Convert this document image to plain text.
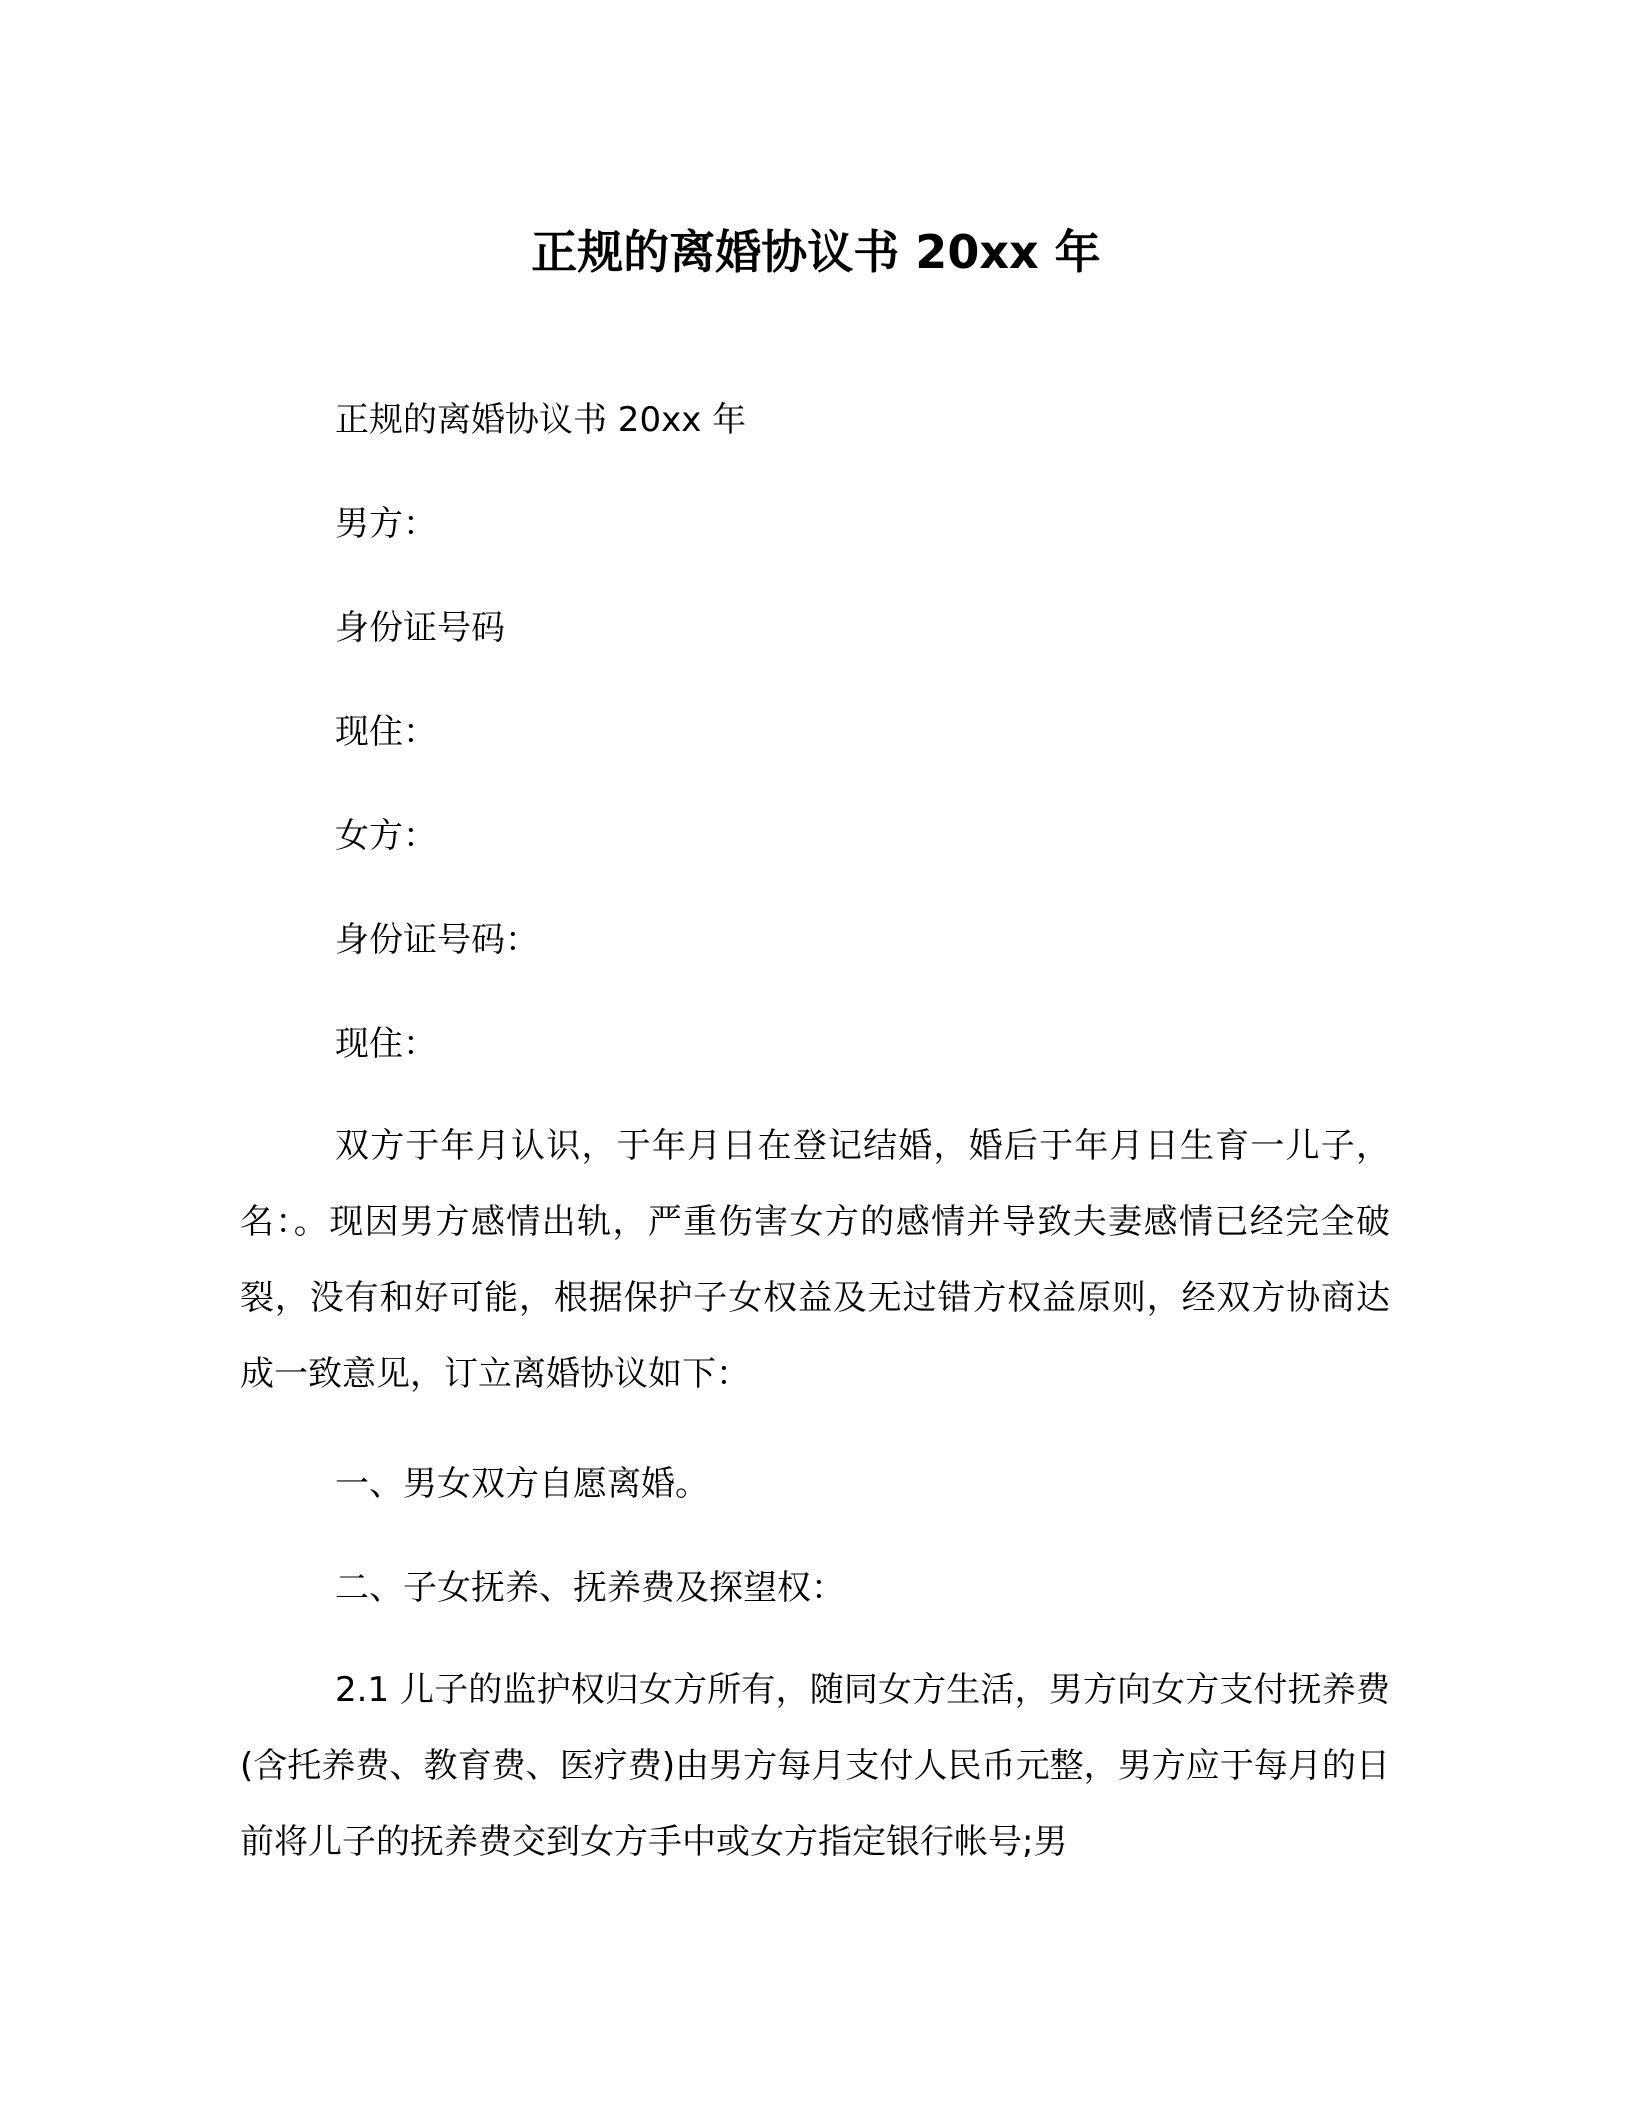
正规的离婚协议书 20xx 年
正规的离婚协议书 20xx 年
男方：
身份证号码
现住：
女方：
身份证号码：
现住：
双方于年月认识，于年月日在登记结婚，婚后于年月日生育一儿子，名：。现因男方感情出轨，严重伤害女方的感情并导致夫妻感情已经完全破裂，没有和好可能，根据保护子女权益及无过错方权益原则，经双方协商达成一致意见，订立离婚协议如下：
一、男女双方自愿离婚。
二、子女抚养、抚养费及探望权：
2.1 儿子的监护权归女方所有，随同女方生活，男方向女方支付抚养费(含托养费、教育费、医疗费)由男方每月支付人民币元整，男方应于每月的日前将儿子的抚养费交到女方手中或女方指定银行帐号;男
